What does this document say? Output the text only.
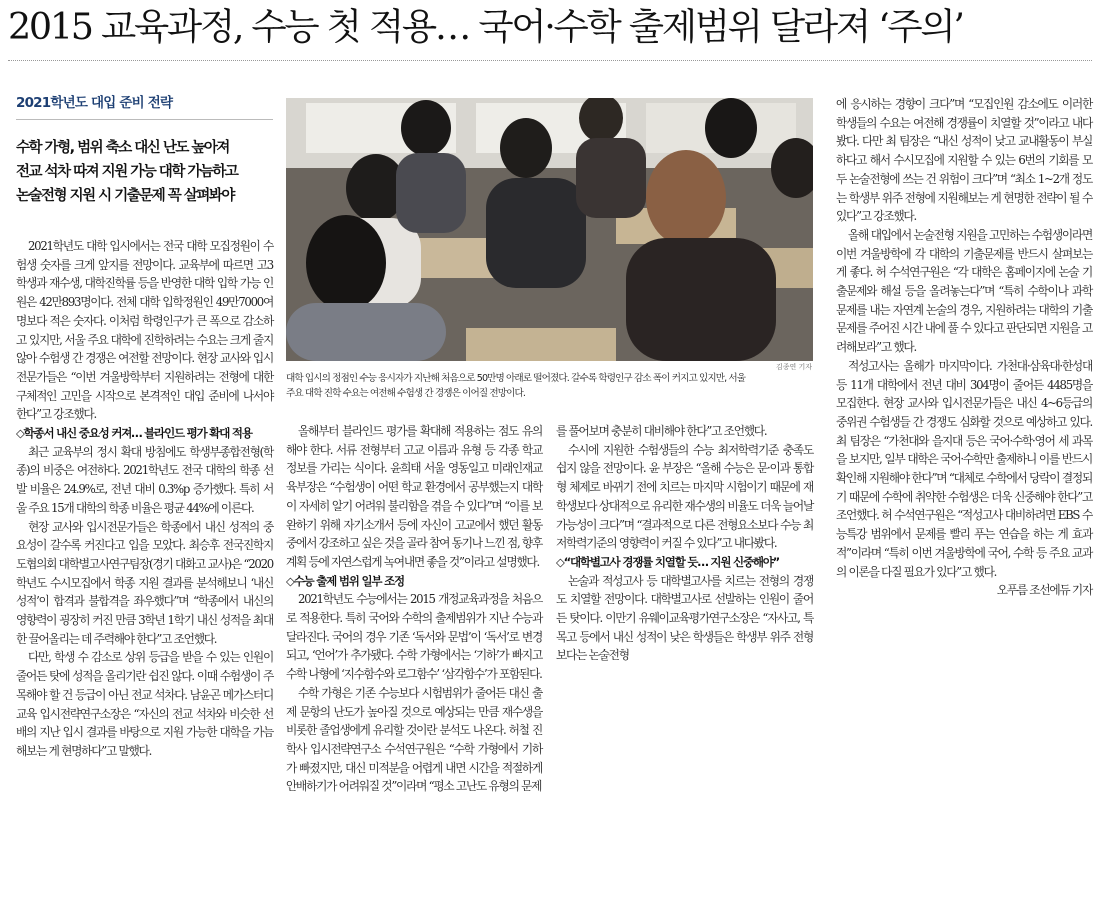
2015 교육과정, 수능 첫 적용… 국어·수학 출제범위 달라져 ‘주의’
2021학년도 대입 준비 전략
수학 가형, 범위 축소 대신 난도 높아져
전교 석차 따져 지원 가능 대학 가늠하고
논술전형 지원 시 기출문제 꼭 살펴봐야

2021학년도 대학 입시에서는 전국 대학 모집정원이 수험생 숫자를 크게 앞지를 전망이다. 교육부에 따르면 고3 학생과 재수생, 대학진학률 등을 반영한 대학 입학 가능 인원은 42만893명이다. 전체 대학 입학정원인 49만7000여 명보다 적은 숫자다. 이처럼 학령인구가 큰 폭으로 감소하고 있지만, 서울 주요 대학에 진학하려는 수요는 크게 줄지 않아 수험생 간 경쟁은 여전할 전망이다. 현장 교사와 입시전문가들은 “이번 겨울방학부터 지원하려는 전형에 대한 구체적인 고민을 시작으로 본격적인 대입 준비에 나서야 한다”고 강조했다.

◇학종서 내신 중요성 커져… 블라인드 평가 확대 적용

최근 교육부의 정시 확대 방침에도 학생부종합전형(학종)의 비중은 여전하다. 2021학년도 전국 대학의 학종 선발 비율은 24.9%로, 전년 대비 0.3%p 증가했다. 특히 서울 주요 15개 대학의 학종 비율은 평균 44%에 이른다.

현장 교사와 입시전문가들은 학종에서 내신 성적의 중요성이 갈수록 커진다고 입을 모았다. 최승후 전국진학지도협의회 대학별고사연구팀장(경기 대화고 교사)은 “2020학년도 수시모집에서 학종 지원 결과를 분석해보니 ‘내신 성적’이 합격과 불합격을 좌우했다”며 “학종에서 내신의 영향력이 굉장히 커진 만큼 3학년 1학기 내신 성적을 최대한 끌어올리는 데 주력해야 한다”고 조언했다.

다만, 학생 수 감소로 상위 등급을 받을 수 있는 인원이 줄어든 탓에 성적을 올리기란 쉽진 않다. 이때 수험생이 주목해야 할 건 등급이 아닌 전교 석차다. 남윤곤 메가스터디교육 입시전략연구소장은 “자신의 전교 석차와 비슷한 선배의 지난 입시 결과를 바탕으로 지원 가능한 대학을 가늠해보는 게 현명하다”고 말했다.

김종연 기자
대학 입시의 정점인 수능 응시자가 지난해 처음으로 50만명 아래로 떨어졌다. 갈수록 학령인구 감소 폭이 커지고 있지만, 서울
주요 대학 진학 수요는 여전해 수험생 간 경쟁은 이어질 전망이다.

올해부터 블라인드 평가를 확대해 적용하는 점도 유의해야 한다. 서류 전형부터 고교 이름과 유형 등 각종 학교 정보를 가리는 식이다. 윤희태 서울 영동일고 미래인재교육부장은 “수험생이 어떤 학교 환경에서 공부했는지 대학이 자세히 알기 어려워 불리함을 겪을 수 있다”며 “이를 보완하기 위해 자기소개서 등에 자신이 고교에서 했던 활동 중에서 강조하고 싶은 것을 골라 참여 동기나 느낀 점, 향후 계획 등에 자연스럽게 녹여내면 좋을 것”이라고 설명했다.

◇수능 출제 범위 일부 조정

2021학년도 수능에서는 2015 개정교육과정을 처음으로 적용한다. 특히 국어와 수학의 출제범위가 지난 수능과 달라진다. 국어의 경우 기존 ‘독서와 문법’이 ‘독서’로 변경되고, ‘언어’가 추가됐다. 수학 가형에서는 ‘기하’가 빠지고 수학 나형에 ‘지수함수와 로그함수’ ‘삼각함수’가 포함된다.

수학 가형은 기존 수능보다 시험범위가 줄어든 대신 출제 문항의 난도가 높아질 것으로 예상되는 만큼 재수생을 비롯한 졸업생에게 유리할 것이란 분석도 나온다. 허철 진학사 입시전략연구소 수석연구원은 “수학 가형에서 기하가 빠졌지만, 대신 미적분을 어렵게 내면 시간을 적절하게 안배하기가 어려워질 것”이라며 “평소 고난도 유형의 문제

를 풀어보며 충분히 대비해야 한다”고 조언했다.

수시에 지원한 수험생들의 수능 최저학력기준 충족도 쉽지 않을 전망이다. 윤 부장은 “올해 수능은 문·이과 통합형 체제로 바뀌기 전에 치르는 마지막 시험이기 때문에 재학생보다 상대적으로 유리한 재수생의 비율도 더욱 늘어날 가능성이 크다”며 “결과적으로 다른 전형요소보다 수능 최저학력기준의 영향력이 커질 수 있다”고 내다봤다.

◇“대학별고사 경쟁률 치열할 듯… 지원 신중해야”

논술과 적성고사 등 대학별고사를 치르는 전형의 경쟁도 치열할 전망이다. 대학별고사로 선발하는 인원이 줄어든 탓이다. 이만기 유웨이교육평가연구소장은 “자사고, 특목고 등에서 내신 성적이 낮은 학생들은 학생부 위주 전형보다는 논술전형

에 응시하는 경향이 크다”며 “모집인원 감소에도 이러한 학생들의 수요는 여전해 경쟁률이 치열할 것”이라고 내다봤다. 다만 최 팀장은 “내신 성적이 낮고 교내활동이 부실하다고 해서 수시모집에 지원할 수 있는 6번의 기회를 모두 논술전형에 쓰는 건 위험이 크다”며 “최소 1~2개 정도는 학생부 위주 전형에 지원해보는 게 현명한 전략이 될 수 있다”고 강조했다.

올해 대입에서 논술전형 지원을 고민하는 수험생이라면 이번 겨울방학에 각 대학의 기출문제를 반드시 살펴보는 게 좋다. 허 수석연구원은 “각 대학은 홈페이지에 논술 기출문제와 해설 등을 올려놓는다”며 “특히 수학이나 과학 문제를 내는 자연계 논술의 경우, 지원하려는 대학의 기출문제를 주어진 시간 내에 풀 수 있다고 판단되면 지원을 고려해보라”고 했다.

적성고사는 올해가 마지막이다. 가천대·삼육대·한성대 등 11개 대학에서 전년 대비 304명이 줄어든 4485명을 모집한다. 현장 교사와 입시전문가들은 내신 4~6등급의 중위권 수험생들 간 경쟁도 심화할 것으로 예상하고 있다. 최 팀장은 “가천대와 을지대 등은 국어·수학·영어 세 과목을 보지만, 일부 대학은 국어·수학만 출제하니 이를 반드시 확인해 지원해야 한다”며 “대체로 수학에서 당락이 결정되기 때문에 수학에 취약한 수험생은 더욱 신중해야 한다”고 조언했다. 허 수석연구원은 “적성고사 대비하려면 EBS 수능특강 범위에서 문제를 빨리 푸는 연습을 하는 게 효과적”이라며 “특히 이번 겨울방학에 국어, 수학 등 주요 교과의 이론을 다질 필요가 있다”고 했다.

오푸름 조선에듀 기자
